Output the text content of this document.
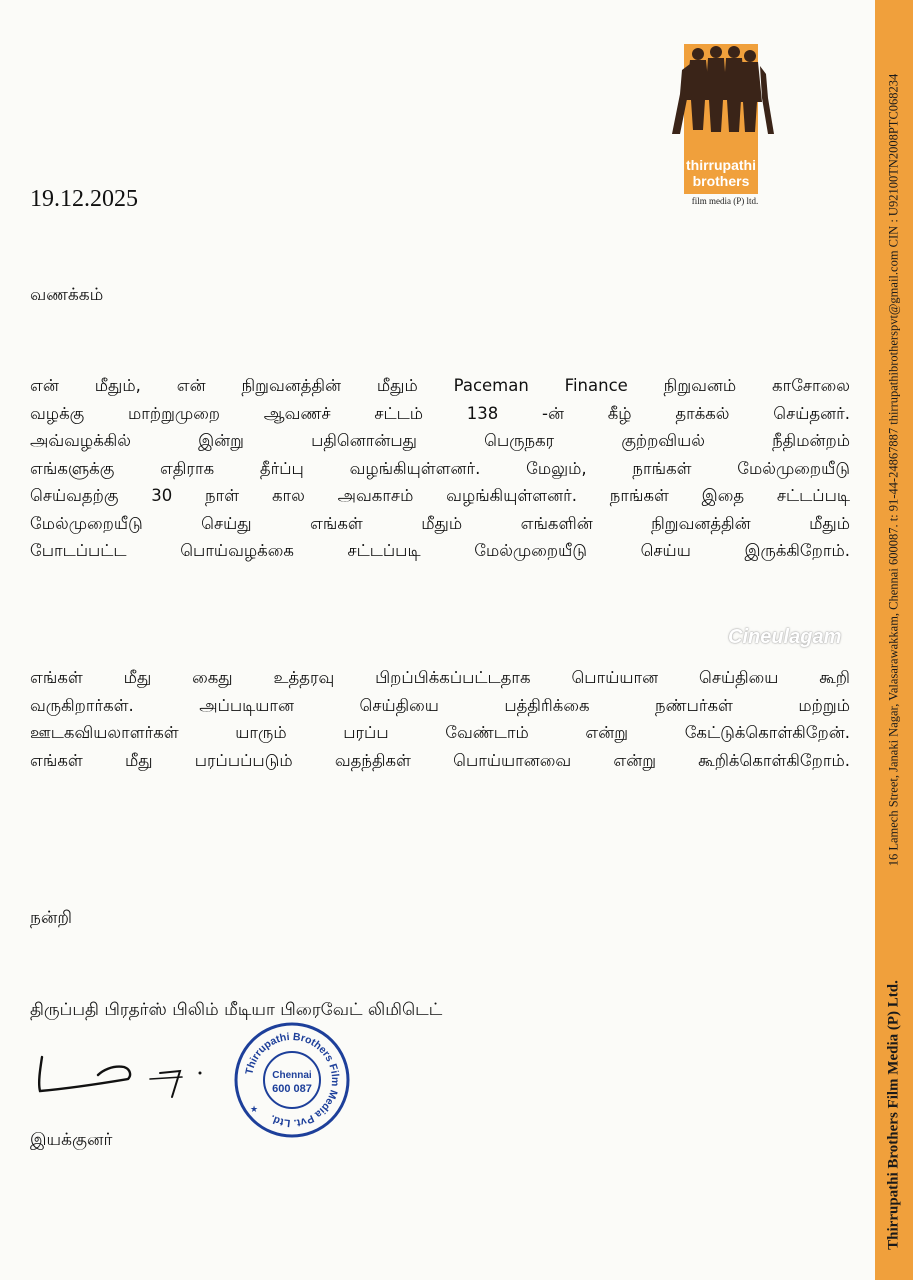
thirrupathi
brothers
film media (P) ltd.
19.12.2025
வணக்கம்
என் மீதும், என் நிறுவனத்தின் மீதும் Paceman Finance நிறுவனம் காசோலை
வழக்கு மாற்றுமுறை ஆவணச் சட்டம் 138 -ன் கீழ் தாக்கல் செய்தனர்.
அவ்வழக்கில் இன்று பதினொன்பது பெருநகர குற்றவியல் நீதிமன்றம்
எங்களுக்கு எதிராக தீர்ப்பு வழங்கியுள்ளனர். மேலும், நாங்கள் மேல்முறையீடு
செய்வதற்கு 30 நாள் கால அவகாசம் வழங்கியுள்ளனர். நாங்கள் இதை சட்டப்படி
மேல்முறையீடு செய்து எங்கள் மீதும் எங்களின் நிறுவனத்தின் மீதும்
போடப்பட்ட பொய்வழக்கை சட்டப்படி மேல்முறையீடு செய்ய இருக்கிறோம்.
Cineulagam
எங்கள் மீது கைது உத்தரவு பிறப்பிக்கப்பட்டதாக பொய்யான செய்தியை கூறி
வருகிறார்கள். அப்படியான செய்தியை பத்திரிக்கை நண்பர்கள் மற்றும்
ஊடகவியலாளர்கள் யாரும் பரப்ப வேண்டாம் என்று கேட்டுக்கொள்கிறேன்.
எங்கள் மீது பரப்பப்படும் வதந்திகள் பொய்யானவை என்று கூறிக்கொள்கிறோம்.
நன்றி
திருப்பதி பிரதர்ஸ் பிலிம் மீடியா பிரைவேட் லிமிடெட்
Thirrupathi Brothers Film Media Pvt. Ltd.
Chennai
600 087
★
இயக்குனர்
16 Lamech Street, Janaki Nagar, Valasarawakkam, Chennai 600087. t: 91-44-24867887 thirrupathibrotherspvt@gmail.com CIN : U92100TN2008PTC068234
Thirrupathi Brothers Film Media (P) Ltd.
